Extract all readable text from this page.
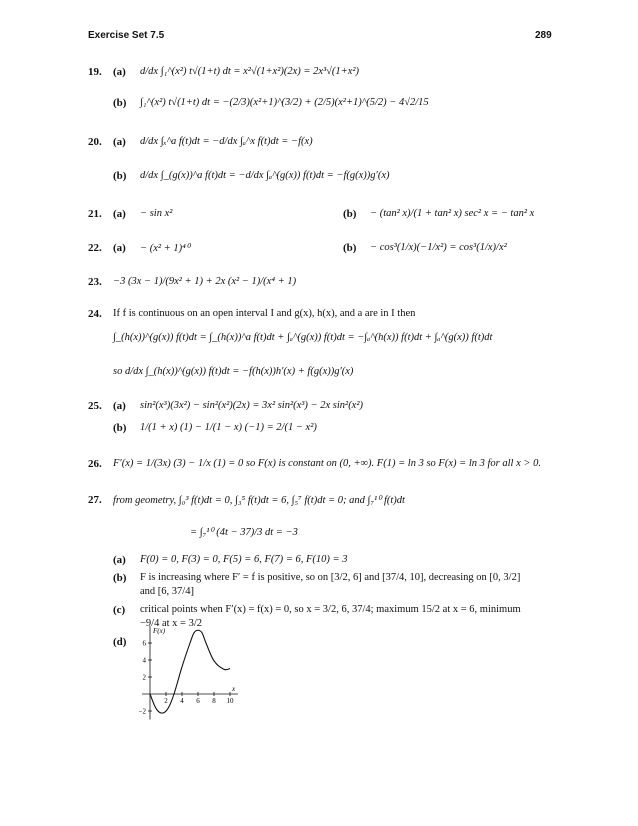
Exercise Set 7.5	289
19. (a) d/dx ∫₁^(x²) t√(1+t) dt = x²√(1+x²)(2x) = 2x³√(1+x²)
(b) ∫₁^(x²) t√(1+t) dt = −(2/3)(x²+1)^(3/2) + (2/5)(x²+1)^(5/2) − 4√2/15
20. (a) d/dx ∫ₓ^a f(t)dt = −d/dx ∫ₐ^x f(t)dt = −f(x)
(b) d/dx ∫_(g(x))^a f(t)dt = −d/dx ∫ₐ^(g(x)) f(t)dt = −f(g(x))g′(x)
21. (a) − sin x²	(b) − (tan² x)/(1 + tan² x) sec² x = − tan² x
22. (a) − (x² + 1)⁴⁰	(b) − cos³(1/x)(−1/x²) = cos³(1/x)/x²
23. −3 (3x − 1)/(9x² + 1) + 2x (x² − 1)/(x⁴ + 1)
24. If f is continuous on an open interval I and g(x), h(x), and a are in I then
∫_(h(x))^(g(x)) f(t)dt = ∫_(h(x))^a f(t)dt + ∫ₐ^(g(x)) f(t)dt = −∫ₐ^(h(x)) f(t)dt + ∫ₐ^(g(x)) f(t)dt
so d/dx ∫_(h(x))^(g(x)) f(t)dt = −f(h(x))h′(x) + f(g(x))g′(x)
25. (a) sin²(x³)(3x²) − sin²(x²)(2x) = 3x² sin²(x³) − 2x sin²(x²)
(b) 1/(1 + x) (1) − 1/(1 − x) (−1) = 2/(1 − x²)
26. F′(x) = 1/(3x) (3) − 1/x (1) = 0 so F(x) is constant on (0, +∞). F(1) = ln 3 so F(x) = ln 3 for all x > 0.
27. from geometry, ∫₀³ f(t)dt = 0, ∫₃⁵ f(t)dt = 6, ∫₅⁷ f(t)dt = 0; and ∫₇¹⁰ f(t)dt
= ∫₇¹⁰ (4t − 37)/3 dt = −3
(a) F(0) = 0, F(3) = 0, F(5) = 6, F(7) = 6, F(10) = 3
(b) F is increasing where F′ = f is positive, so on [3/2, 6] and [37/4, 10], decreasing on [0, 3/2]
and [6, 37/4]
(c) critical points when F′(x) = f(x) = 0, so x = 3/2, 6, 37/4; maximum 15/2 at x = 6, minimum
−9/4 at x = 3/2
(d)
F(x)
x
2 4 6 8 10
−2
2
4
6
